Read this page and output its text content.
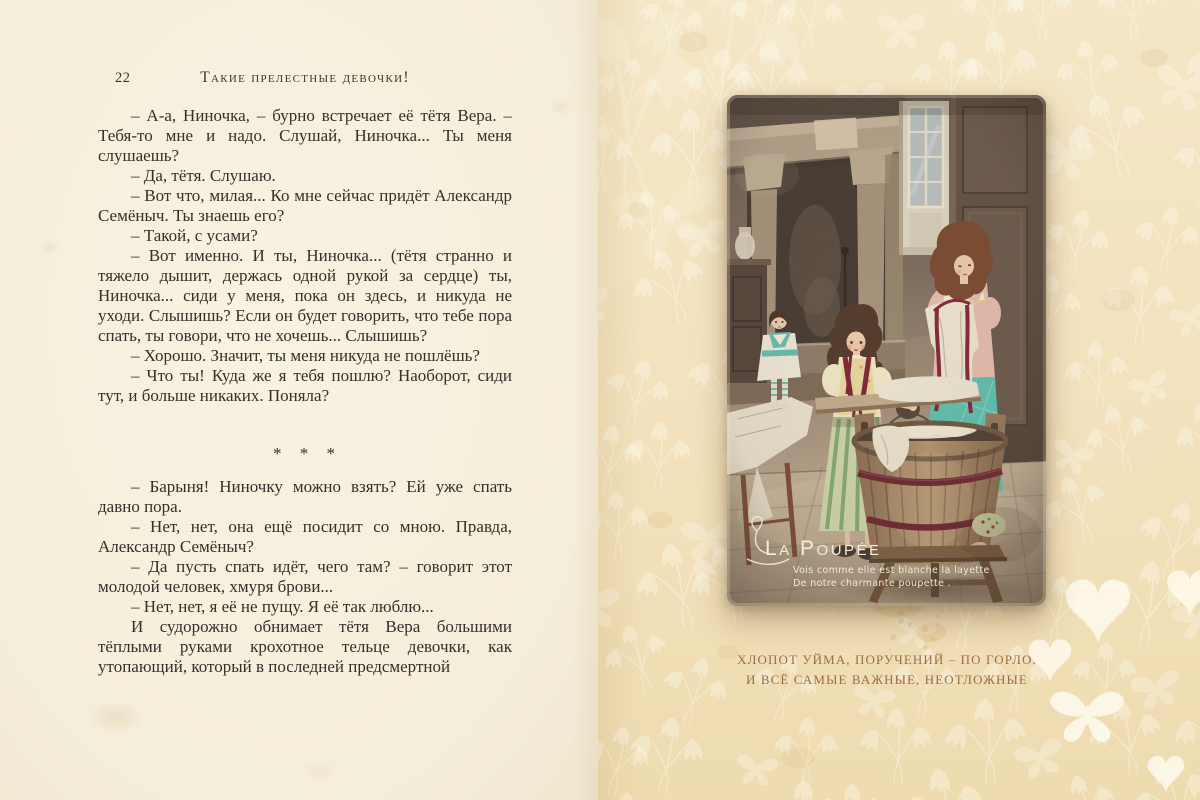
22	Такие прелестные девочки!

– А-а, Ниночка, – бурно встречает её тётя Вера. – Тебя-то мне и надо. Слушай, Ниночка... Ты меня слушаешь?

– Да, тётя. Слушаю.

– Вот что, милая... Ко мне сейчас придёт Александр Семёныч. Ты знаешь его?

– Такой, с усами?

– Вот именно. И ты, Ниночка... (тётя странно и тяжело дышит, держась одной рукой за сердце) ты, Ниночка... сиди у меня, пока он здесь, и никуда не уходи. Слышишь? Если он будет говорить, что тебе пора спать, ты говори, что не хочешь... Слышишь?

– Хорошо. Значит, ты меня никуда не пошлёшь?

– Что ты! Куда же я тебя пошлю? Наоборот, сиди тут, и больше никаких. Поняла?

* * *

– Барыня! Ниночку можно взять? Ей уже спать давно пора.

– Нет, нет, она ещё посидит со мною. Правда, Александр Семёныч?

– Да пусть спать идёт, чего там? – говорит этот молодой человек, хмуря брови...

– Нет, нет, я её не пущу. Я её так люблю...

И судорожно обнимает тётя Вера большими тёплыми руками крохотное тельце девочки, как утопающий, который в последней предсмертной

La Poupée
Vois comme elle est blanche la layette
De notre charmante poupette .
ХЛОПОТ УЙМА, ПОРУЧЕНИЙ – ПО ГОРЛО.
И ВСЁ САМЫЕ ВАЖНЫЕ, НЕОТЛОЖНЫЕ
